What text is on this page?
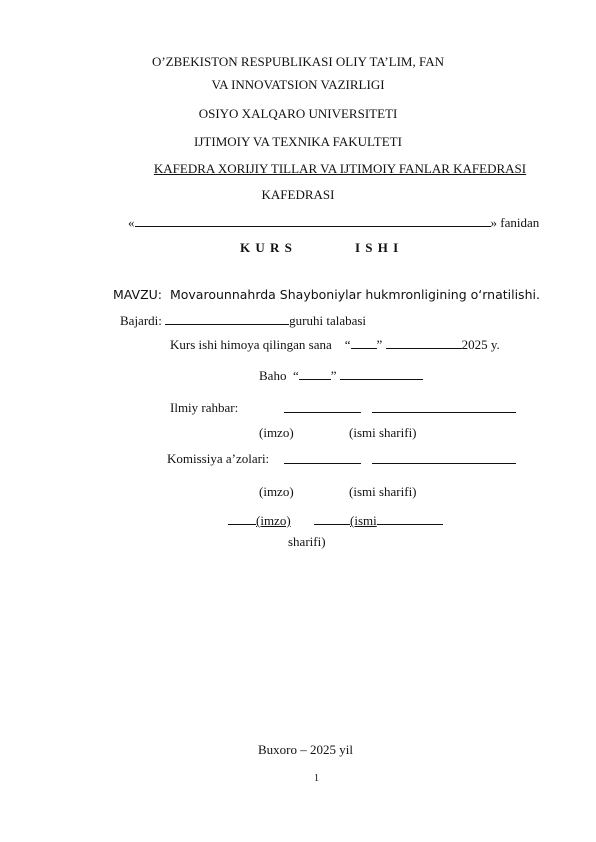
O’ZBEKISTON RESPUBLIKASI OLIY TA’LIM, FAN
VA INNOVATSION VAZIRLIGI
OSIYO XALQARO UNIVERSITETI
IJTIMOIY VA TEXNIKA FAKULTETI
KAFEDRA XORIJIY TILLAR VA IJTIMOIY FANLAR KAFEDRASI
KAFEDRASI
«	» fanidan
K U R S	I S H I
MAVZU: Movarounnahrda Shayboniylar hukmronligining o‘rnatilishi.
Bajardi:	guruhi talabasi
Kurs ishi himoya qilingan sana “ ”	2025 y.
Baho “ ”
Ilmiy rahbar:
(imzo)	(ismi sharifi)
Komissiya a’zolari:
(imzo)	(ismi sharifi)
(imzo)	(ismi
sharifi)
Buxoro – 2025 yil
1
